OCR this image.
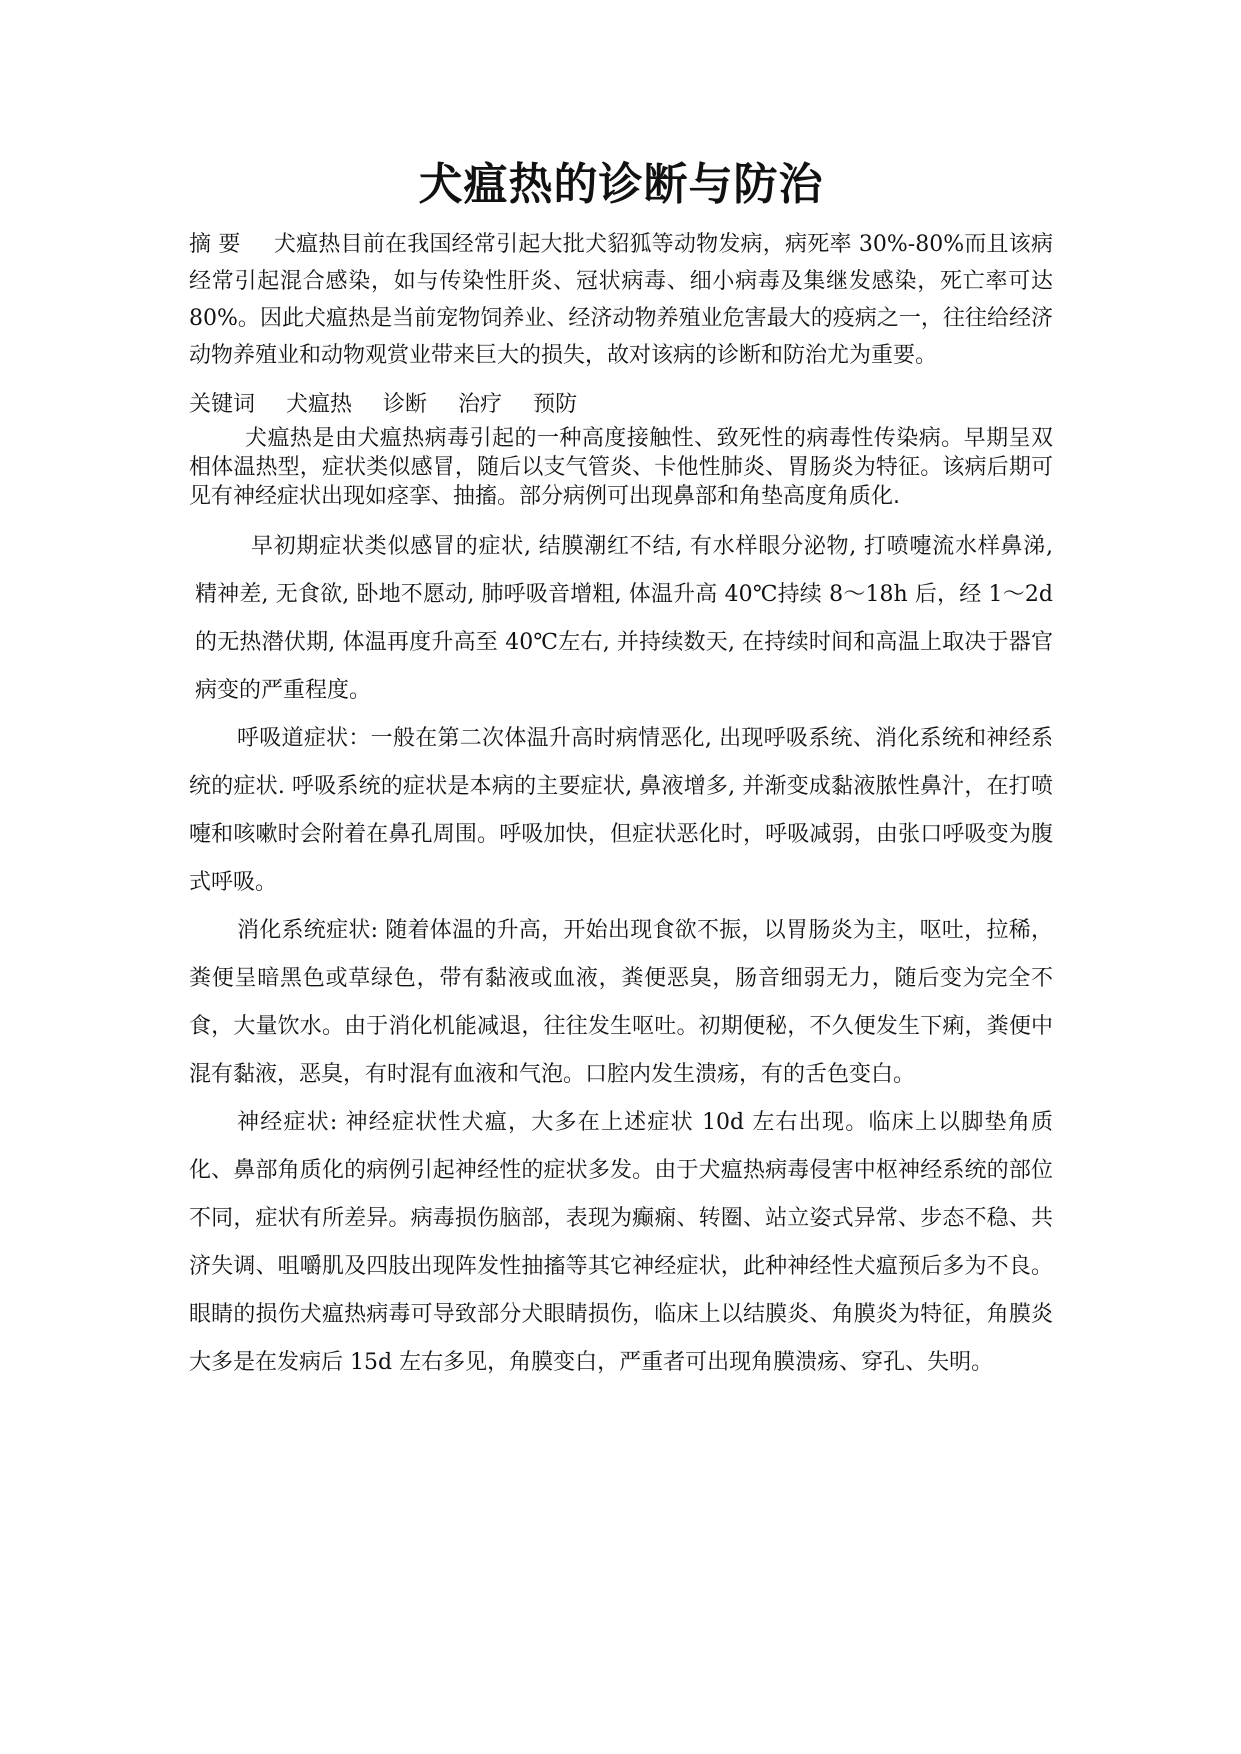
犬瘟热的诊断与防治

摘 要 犬瘟热目前在我国经常引起大批犬貂狐等动物发病，病死率 30%-80%而且该病经常引起混合感染，如与传染性肝炎、冠状病毒、细小病毒及集继发感染，死亡率可达 80%。因此犬瘟热是当前宠物饲养业、经济动物养殖业危害最大的疫病之一，往往给经济动物养殖业和动物观赏业带来巨大的损失，故对该病的诊断和防治尤为重要。

关键词 犬瘟热 诊断 治疗 预防

犬瘟热是由犬瘟热病毒引起的一种高度接触性、致死性的病毒性传染病。早期呈双相体温热型，症状类似感冒，随后以支气管炎、卡他性肺炎、胃肠炎为特征。该病后期可见有神经症状出现如痉挛、抽搐。部分病例可出现鼻部和角垫高度角质化.

早初期症状类似感冒的症状, 结膜潮红不结, 有水样眼分泌物, 打喷嚏流水样鼻涕, 精神差, 无食欲, 卧地不愿动, 肺呼吸音增粗, 体温升高 40℃持续 8～18h 后，经 1～2d 的无热潜伏期, 体温再度升高至 40℃左右, 并持续数天, 在持续时间和高温上取决于器官病变的严重程度。

呼吸道症状：一般在第二次体温升高时病情恶化, 出现呼吸系统、消化系统和神经系统的症状. 呼吸系统的症状是本病的主要症状, 鼻液增多, 并渐变成黏液脓性鼻汁，在打喷嚏和咳嗽时会附着在鼻孔周围。呼吸加快，但症状恶化时，呼吸减弱，由张口呼吸变为腹式呼吸。

消化系统症状: 随着体温的升高，开始出现食欲不振，以胃肠炎为主，呕吐，拉稀，粪便呈暗黑色或草绿色，带有黏液或血液，粪便恶臭，肠音细弱无力，随后变为完全不食，大量饮水。由于消化机能减退，往往发生呕吐。初期便秘，不久便发生下痢，粪便中混有黏液，恶臭，有时混有血液和气泡。口腔内发生溃疡，有的舌色变白。

神经症状: 神经症状性犬瘟，大多在上述症状 10d 左右出现。临床上以脚垫角质化、鼻部角质化的病例引起神经性的症状多发。由于犬瘟热病毒侵害中枢神经系统的部位不同，症状有所差异。病毒损伤脑部，表现为癫痫、转圈、站立姿式异常、步态不稳、共济失调、咀嚼肌及四肢出现阵发性抽搐等其它神经症状，此种神经性犬瘟预后多为不良。眼睛的损伤犬瘟热病毒可导致部分犬眼睛损伤，临床上以结膜炎、角膜炎为特征，角膜炎大多是在发病后 15d 左右多见，角膜变白，严重者可出现角膜溃疡、穿孔、失明。
